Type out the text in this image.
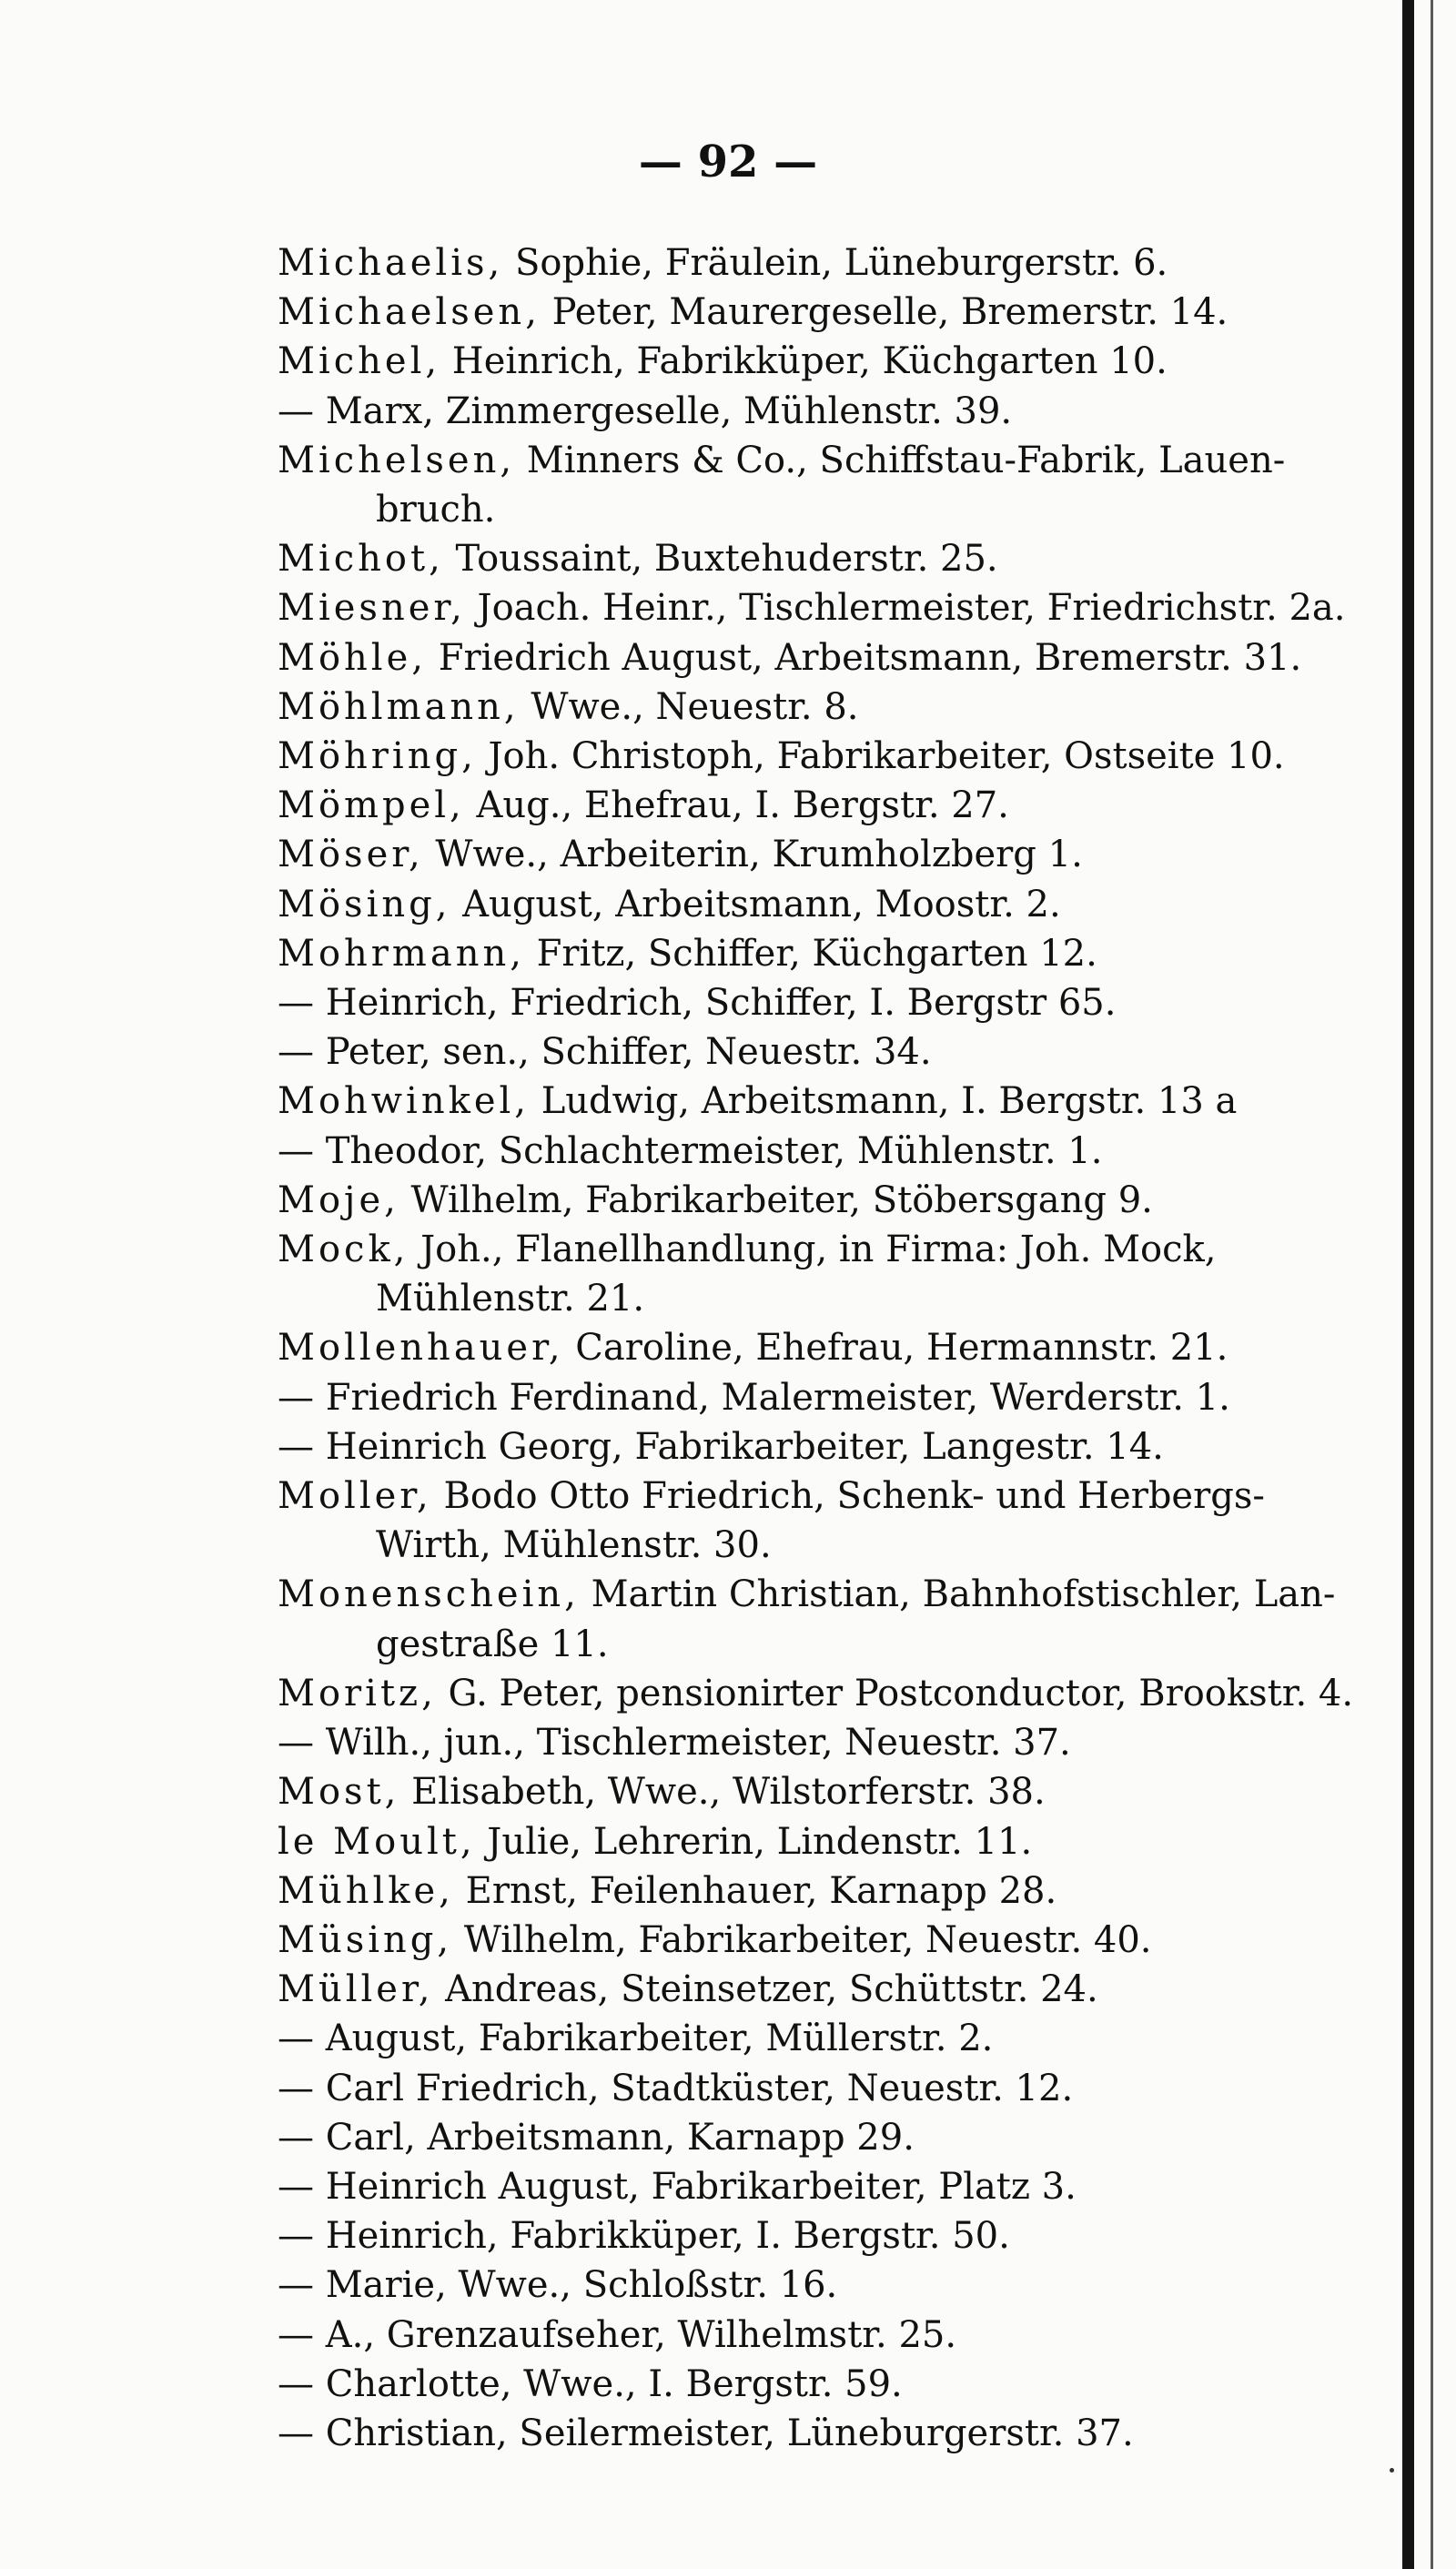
— 92 —
Michaelis, Sophie, Fräulein, Lüneburgerstr. 6.
Michaelsen, Peter, Maurergeselle, Bremerstr. 14.
Michel, Heinrich, Fabrikküper, Küchgarten 10.
— Marx, Zimmergeselle, Mühlenstr. 39.
Michelsen, Minners & Co., Schiffstau-Fabrik, Lauen-
bruch.
Michot, Toussaint, Buxtehuderstr. 25.
Miesner, Joach. Heinr., Tischlermeister, Friedrichstr. 2a.
Möhle, Friedrich August, Arbeitsmann, Bremerstr. 31.
Möhlmann, Wwe., Neuestr. 8.
Möhring, Joh. Christoph, Fabrikarbeiter, Ostseite 10.
Mömpel, Aug., Ehefrau, I. Bergstr. 27.
Möser, Wwe., Arbeiterin, Krumholzberg 1.
Mösing, August, Arbeitsmann, Moostr. 2.
Mohrmann, Fritz, Schiffer, Küchgarten 12.
— Heinrich, Friedrich, Schiffer, I. Bergstr 65.
— Peter, sen., Schiffer, Neuestr. 34.
Mohwinkel, Ludwig, Arbeitsmann, I. Bergstr. 13 a
— Theodor, Schlachtermeister, Mühlenstr. 1.
Moje, Wilhelm, Fabrikarbeiter, Stöbersgang 9.
Mock, Joh., Flanellhandlung, in Firma: Joh. Mock,
Mühlenstr. 21.
Mollenhauer, Caroline, Ehefrau, Hermannstr. 21.
— Friedrich Ferdinand, Malermeister, Werderstr. 1.
— Heinrich Georg, Fabrikarbeiter, Langestr. 14.
Moller, Bodo Otto Friedrich, Schenk- und Herbergs-
Wirth, Mühlenstr. 30.
Monenschein, Martin Christian, Bahnhofstischler, Lan-
gestraße 11.
Moritz, G. Peter, pensionirter Postconductor, Brookstr. 4.
— Wilh., jun., Tischlermeister, Neuestr. 37.
Most, Elisabeth, Wwe., Wilstorferstr. 38.
le Moult, Julie, Lehrerin, Lindenstr. 11.
Mühlke, Ernst, Feilenhauer, Karnapp 28.
Müsing, Wilhelm, Fabrikarbeiter, Neuestr. 40.
Müller, Andreas, Steinsetzer, Schüttstr. 24.
— August, Fabrikarbeiter, Müllerstr. 2.
— Carl Friedrich, Stadtküster, Neuestr. 12.
— Carl, Arbeitsmann, Karnapp 29.
— Heinrich August, Fabrikarbeiter, Platz 3.
— Heinrich, Fabrikküper, I. Bergstr. 50.
— Marie, Wwe., Schloßstr. 16.
— A., Grenzaufseher, Wilhelmstr. 25.
— Charlotte, Wwe., I. Bergstr. 59.
— Christian, Seilermeister, Lüneburgerstr. 37.
